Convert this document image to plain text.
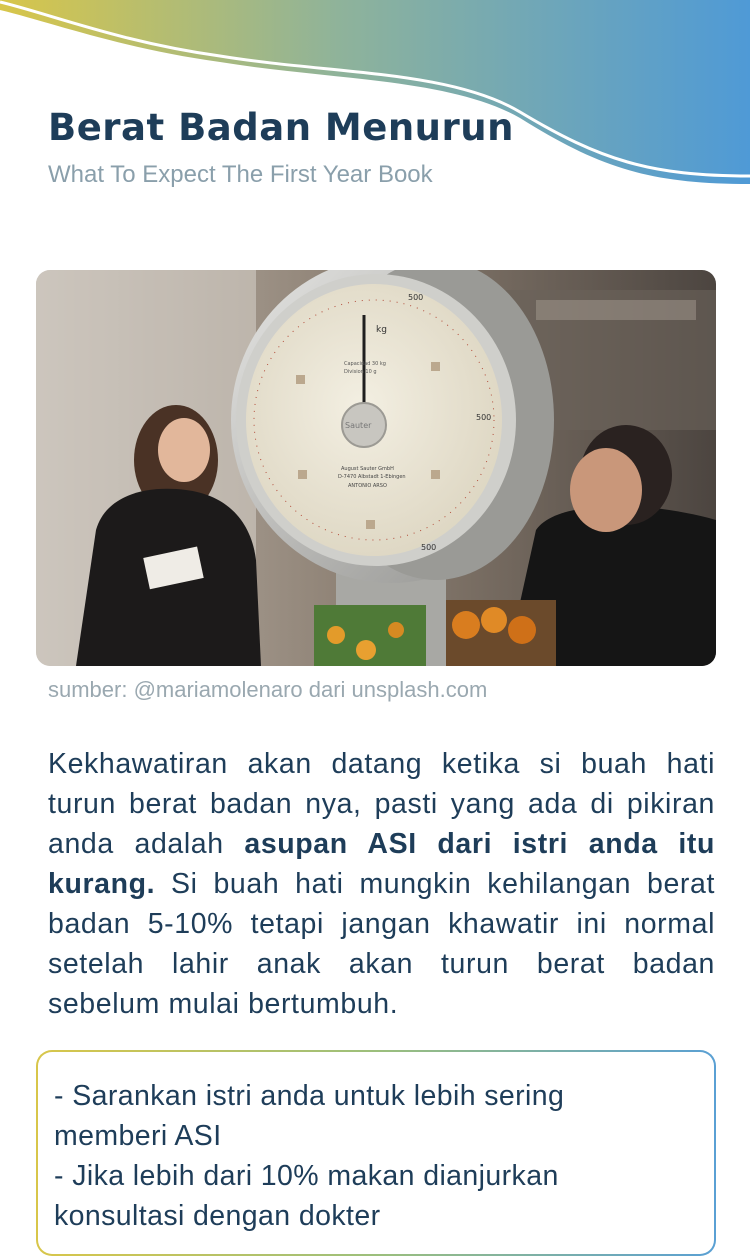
Berat Badan Menurun

What To Expect The First Year Book

kg
Sauter
Capacidad 30 kg
Division 10 g
August Sauter GmbH
D-7470 Albstadt 1-Ebingen
ANTONIO ARSO
500
500
500

sumber: @mariamolenaro dari unsplash.com

Kekhawatiran akan datang ketika si buah hati turun berat badan nya, pasti yang ada di pikiran anda adalah asupan ASI dari istri anda itu kurang. Si buah hati mungkin kehilangan berat badan 5-10% tetapi jangan khawatir ini normal setelah lahir anak akan turun berat badan sebelum mulai bertumbuh.

- Sarankan istri anda untuk lebih sering memberi ASI

- Jika lebih dari 10% makan dianjurkan konsultasi dengan dokter
